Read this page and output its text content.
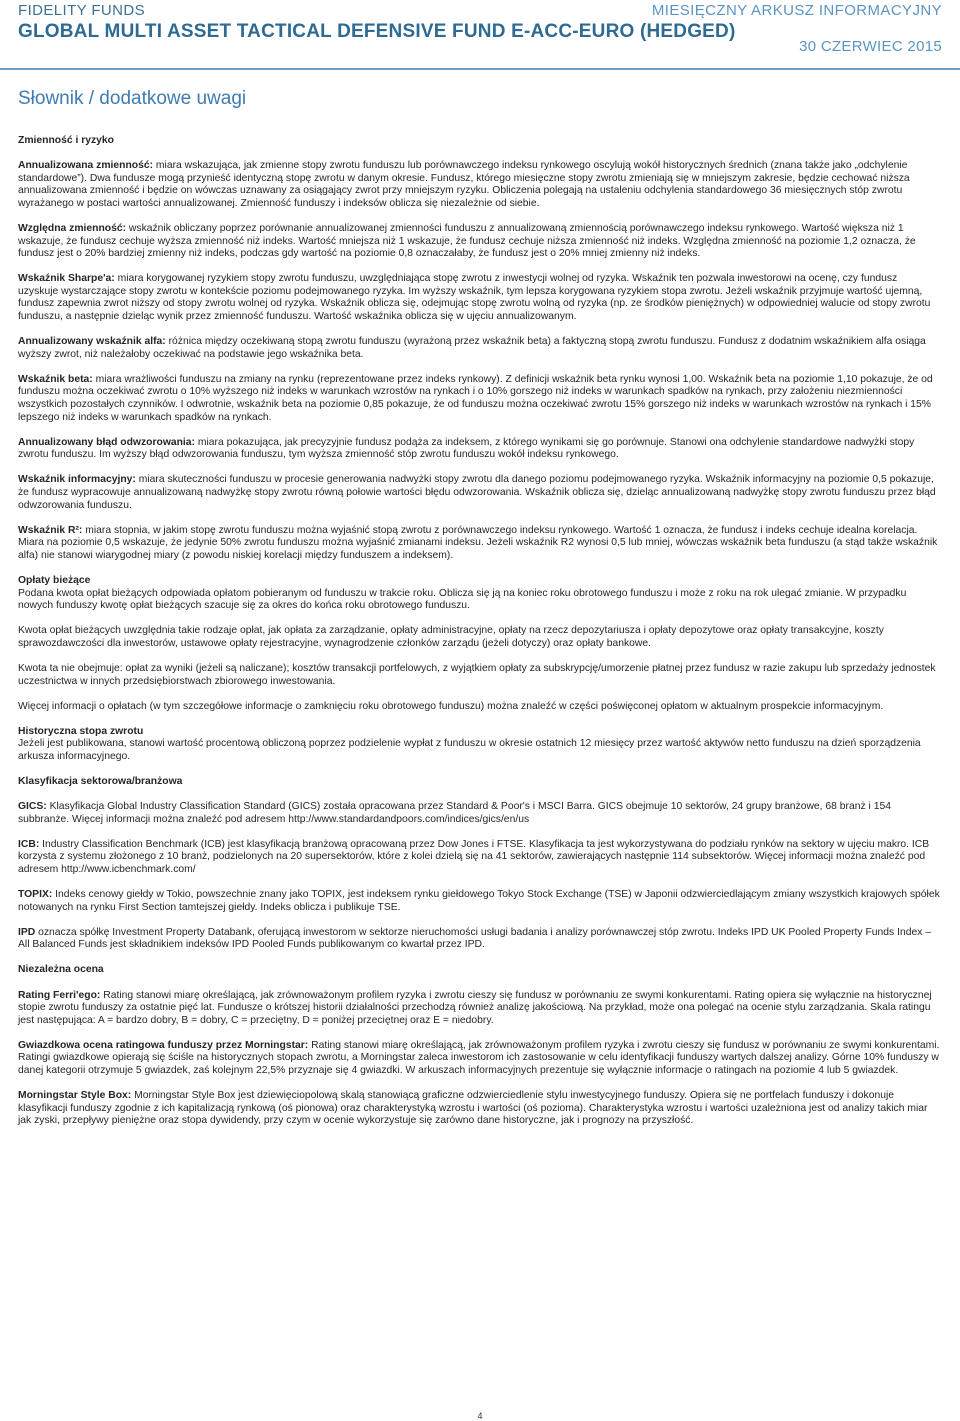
FIDELITY FUNDS
GLOBAL MULTI ASSET TACTICAL DEFENSIVE FUND E-ACC-EURO (HEDGED)
MIESIĘCZNY ARKUSZ INFORMACYJNY
30 CZERWIEC 2015
Słownik / dodatkowe uwagi

Zmienność i ryzyko

Annualizowana zmienność: miara wskazująca, jak zmienne stopy zwrotu funduszu lub porównawczego indeksu rynkowego oscylują wokół historycznych średnich (znana także jako „odchylenie standardowe”). Dwa fundusze mogą przynieść identyczną stopę zwrotu w danym okresie. Fundusz, którego miesięczne stopy zwrotu zmieniają się w mniejszym zakresie, będzie cechować niższa annualizowana zmienność i będzie on wówczas uznawany za osiągający zwrot przy mniejszym ryzyku. Obliczenia polegają na ustaleniu odchylenia standardowego 36 miesięcznych stóp zwrotu wyrażanego w postaci wartości annualizowanej. Zmienność funduszy i indeksów oblicza się niezależnie od siebie.

Względna zmienność: wskaźnik obliczany poprzez porównanie annualizowanej zmienności funduszu z annualizowaną zmiennością porównawczego indeksu rynkowego. Wartość większa niż 1 wskazuje, że fundusz cechuje wyższa zmienność niż indeks. Wartość mniejsza niż 1 wskazuje, że fundusz cechuje niższa zmienność niż indeks. Względna zmienność na poziomie 1,2 oznacza, że fundusz jest o 20% bardziej zmienny niż indeks, podczas gdy wartość na poziomie 0,8 oznaczałaby, że fundusz jest o 20% mniej zmienny niż indeks.

Wskaźnik Sharpe'a: miara korygowanej ryzykiem stopy zwrotu funduszu, uwzględniająca stopę zwrotu z inwestycji wolnej od ryzyka. Wskaźnik ten pozwala inwestorowi na ocenę, czy fundusz uzyskuje wystarczające stopy zwrotu w kontekście poziomu podejmowanego ryzyka. Im wyższy wskaźnik, tym lepsza korygowana ryzykiem stopa zwrotu. Jeżeli wskaźnik przyjmuje wartość ujemną, fundusz zapewnia zwrot niższy od stopy zwrotu wolnej od ryzyka. Wskaźnik oblicza się, odejmując stopę zwrotu wolną od ryzyka (np. ze środków pieniężnych) w odpowiedniej walucie od stopy zwrotu funduszu, a następnie dzieląc wynik przez zmienność funduszu. Wartość wskaźnika oblicza się w ujęciu annualizowanym.

Annualizowany wskaźnik alfa: różnica między oczekiwaną stopą zwrotu funduszu (wyrażoną przez wskaźnik beta) a faktyczną stopą zwrotu funduszu. Fundusz z dodatnim wskaźnikiem alfa osiąga wyższy zwrot, niż należałoby oczekiwać na podstawie jego wskaźnika beta.

Wskaźnik beta: miara wrażliwości funduszu na zmiany na rynku (reprezentowane przez indeks rynkowy). Z definicji wskaźnik beta rynku wynosi 1,00. Wskaźnik beta na poziomie 1,10 pokazuje, że od funduszu można oczekiwać zwrotu o 10% wyższego niż indeks w warunkach wzrostów na rynkach i o 10% gorszego niż indeks w warunkach spadków na rynkach, przy założeniu niezmienności wszystkich pozostałych czynników. I odwrotnie, wskaźnik beta na poziomie 0,85 pokazuje, że od funduszu można oczekiwać zwrotu 15% gorszego niż indeks w warunkach wzrostów na rynkach i 15% lepszego niż indeks w warunkach spadków na rynkach.

Annualizowany błąd odwzorowania: miara pokazująca, jak precyzyjnie fundusz podąża za indeksem, z którego wynikami się go porównuje. Stanowi ona odchylenie standardowe nadwyżki stopy zwrotu funduszu. Im wyższy błąd odwzorowania funduszu, tym wyższa zmienność stóp zwrotu funduszu wokół indeksu rynkowego.

Wskaźnik informacyjny: miara skuteczności funduszu w procesie generowania nadwyżki stopy zwrotu dla danego poziomu podejmowanego ryzyka. Wskaźnik informacyjny na poziomie 0,5 pokazuje, że fundusz wypracowuje annualizowaną nadwyżkę stopy zwrotu równą połowie wartości błędu odwzorowania. Wskaźnik oblicza się, dzieląc annualizowaną nadwyżkę stopy zwrotu funduszu przez błąd odwzorowania funduszu.

Wskaźnik R²: miara stopnia, w jakim stopę zwrotu funduszu można wyjaśnić stopą zwrotu z porównawczego indeksu rynkowego. Wartość 1 oznacza, że fundusz i indeks cechuje idealna korelacja. Miara na poziomie 0,5 wskazuje, że jedynie 50% zwrotu funduszu można wyjaśnić zmianami indeksu. Jeżeli wskaźnik R2 wynosi 0,5 lub mniej, wówczas wskaźnik beta funduszu (a stąd także wskaźnik alfa) nie stanowi wiarygodnej miary (z powodu niskiej korelacji między funduszem a indeksem).

Opłaty bieżące

Podana kwota opłat bieżących odpowiada opłatom pobieranym od funduszu w trakcie roku. Oblicza się ją na koniec roku obrotowego funduszu i może z roku na rok ulegać zmianie. W przypadku nowych funduszy kwotę opłat bieżących szacuje się za okres do końca roku obrotowego funduszu.

Kwota opłat bieżących uwzględnia takie rodzaje opłat, jak opłata za zarządzanie, opłaty administracyjne, opłaty na rzecz depozytariusza i opłaty depozytowe oraz opłaty transakcyjne, koszty sprawozdawczości dla inwestorów, ustawowe opłaty rejestracyjne, wynagrodzenie członków zarządu (jeżeli dotyczy) oraz opłaty bankowe.

Kwota ta nie obejmuje: opłat za wyniki (jeżeli są naliczane); kosztów transakcji portfelowych, z wyjątkiem opłaty za subskrypcję/umorzenie płatnej przez fundusz w razie zakupu lub sprzedaży jednostek uczestnictwa w innych przedsiębiorstwach zbiorowego inwestowania.

Więcej informacji o opłatach (w tym szczegółowe informacje o zamknięciu roku obrotowego funduszu) można znaleźć w części poświęconej opłatom w aktualnym prospekcie informacyjnym.

Historyczna stopa zwrotu

Jeżeli jest publikowana, stanowi wartość procentową obliczoną poprzez podzielenie wypłat z funduszu w okresie ostatnich 12 miesięcy przez wartość aktywów netto funduszu na dzień sporządzenia arkusza informacyjnego.

Klasyfikacja sektorowa/branżowa

GICS: Klasyfikacja Global Industry Classification Standard (GICS) została opracowana przez Standard & Poor's i MSCI Barra. GICS obejmuje 10 sektorów, 24 grupy branżowe, 68 branż i 154 subbranże. Więcej informacji można znaleźć pod adresem http://www.standardandpoors.com/indices/gics/en/us

ICB: Industry Classification Benchmark (ICB) jest klasyfikacją branżową opracowaną przez Dow Jones i FTSE. Klasyfikacja ta jest wykorzystywana do podziału rynków na sektory w ujęciu makro. ICB korzysta z systemu złożonego z 10 branż, podzielonych na 20 supersektorów, które z kolei dzielą się na 41 sektorów, zawierających następnie 114 subsektorów. Więcej informacji można znaleźć pod adresem http://www.icbenchmark.com/

TOPIX: Indeks cenowy giełdy w Tokio, powszechnie znany jako TOPIX, jest indeksem rynku giełdowego Tokyo Stock Exchange (TSE) w Japonii odzwierciedlającym zmiany wszystkich krajowych spółek notowanych na rynku First Section tamtejszej giełdy. Indeks oblicza i publikuje TSE.

IPD oznacza spółkę Investment Property Databank, oferującą inwestorom w sektorze nieruchomości usługi badania i analizy porównawczej stóp zwrotu. Indeks IPD UK Pooled Property Funds Index – All Balanced Funds jest składnikiem indeksów IPD Pooled Funds publikowanym co kwartał przez IPD.

Niezależna ocena

Rating Ferri'ego: Rating stanowi miarę określającą, jak zrównoważonym profilem ryzyka i zwrotu cieszy się fundusz w porównaniu ze swymi konkurentami. Rating opiera się wyłącznie na historycznej stopie zwrotu funduszy za ostatnie pięć lat. Fundusze o krótszej historii działalności przechodzą również analizę jakościową. Na przykład, może ona polegać na ocenie stylu zarządzania. Skala ratingu jest następująca: A = bardzo dobry, B = dobry, C = przeciętny, D = poniżej przeciętnej oraz E = niedobry.

Gwiazdkowa ocena ratingowa funduszy przez Morningstar: Rating stanowi miarę określającą, jak zrównoważonym profilem ryzyka i zwrotu cieszy się fundusz w porównaniu ze swymi konkurentami. Ratingi gwiazdkowe opierają się ściśle na historycznych stopach zwrotu, a Morningstar zaleca inwestorom ich zastosowanie w celu identyfikacji funduszy wartych dalszej analizy. Górne 10% funduszy w danej kategorii otrzymuje 5 gwiazdek, zaś kolejnym 22,5% przyznaje się 4 gwiazdki. W arkuszach informacyjnych prezentuje się wyłącznie informacje o ratingach na poziomie 4 lub 5 gwiazdek.

Morningstar Style Box: Morningstar Style Box jest dziewięciopolową skalą stanowiącą graficzne odzwierciedlenie stylu inwestycyjnego funduszy. Opiera się ne portfelach funduszy i dokonuje klasyfikacji funduszy zgodnie z ich kapitalizacją rynkową (oś pionowa) oraz charakterystyką wzrostu i wartości (oś pozioma). Charakterystyka wzrostu i wartości uzależniona jest od analizy takich miar jak zyski, przepływy pieniężne oraz stopa dywidendy, przy czym w ocenie wykorzystuje się zarówno dane historyczne, jak i prognozy na przyszłość.

4
